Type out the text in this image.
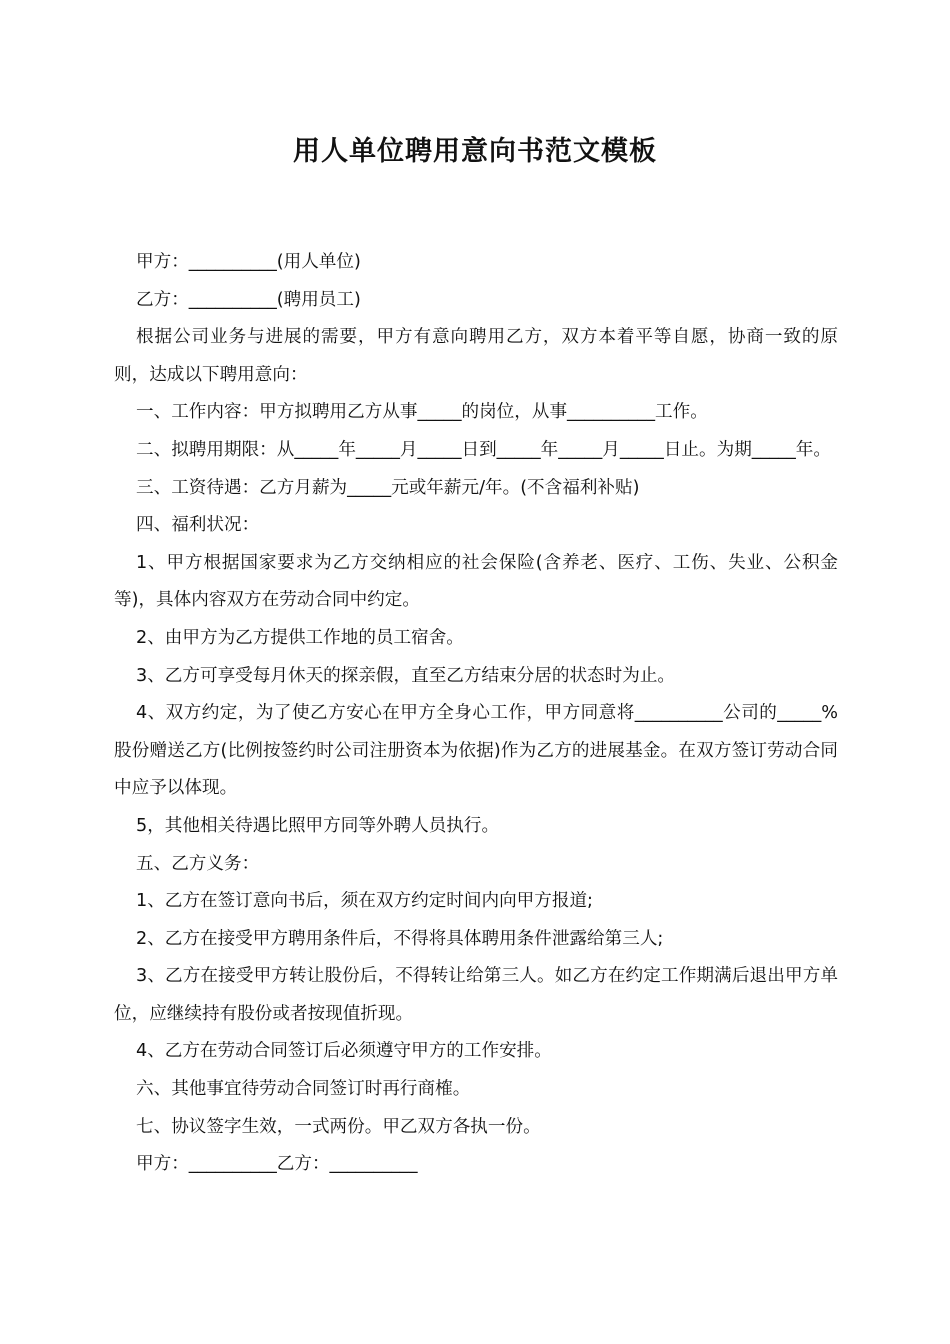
用人单位聘用意向书范文模板

甲方：__________(用人单位)

乙方：__________(聘用员工)

根据公司业务与进展的需要，甲方有意向聘用乙方，双方本着平等自愿，协商一致的原则，达成以下聘用意向：

一、工作内容：甲方拟聘用乙方从事_____的岗位，从事__________工作。

二、拟聘用期限：从_____年_____月_____日到_____年_____月_____日止。为期_____年。

三、工资待遇：乙方月薪为_____元或年薪元/年。(不含福利补贴)

四、福利状况：

1、甲方根据国家要求为乙方交纳相应的社会保险(含养老、医疗、工伤、失业、公积金等)，具体内容双方在劳动合同中约定。

2、由甲方为乙方提供工作地的员工宿舍。

3、乙方可享受每月休天的探亲假，直至乙方结束分居的状态时为止。

4、双方约定，为了使乙方安心在甲方全身心工作，甲方同意将__________公司的_____%股份赠送乙方(比例按签约时公司注册资本为依据)作为乙方的进展基金。在双方签订劳动合同中应予以体现。

5，其他相关待遇比照甲方同等外聘人员执行。

五、乙方义务：

1、乙方在签订意向书后，须在双方约定时间内向甲方报道;

2、乙方在接受甲方聘用条件后，不得将具体聘用条件泄露给第三人;

3、乙方在接受甲方转让股份后，不得转让给第三人。如乙方在约定工作期满后退出甲方单位，应继续持有股份或者按现值折现。

4、乙方在劳动合同签订后必须遵守甲方的工作安排。

六、其他事宜待劳动合同签订时再行商榷。

七、协议签字生效，一式两份。甲乙双方各执一份。

甲方：__________乙方：__________
